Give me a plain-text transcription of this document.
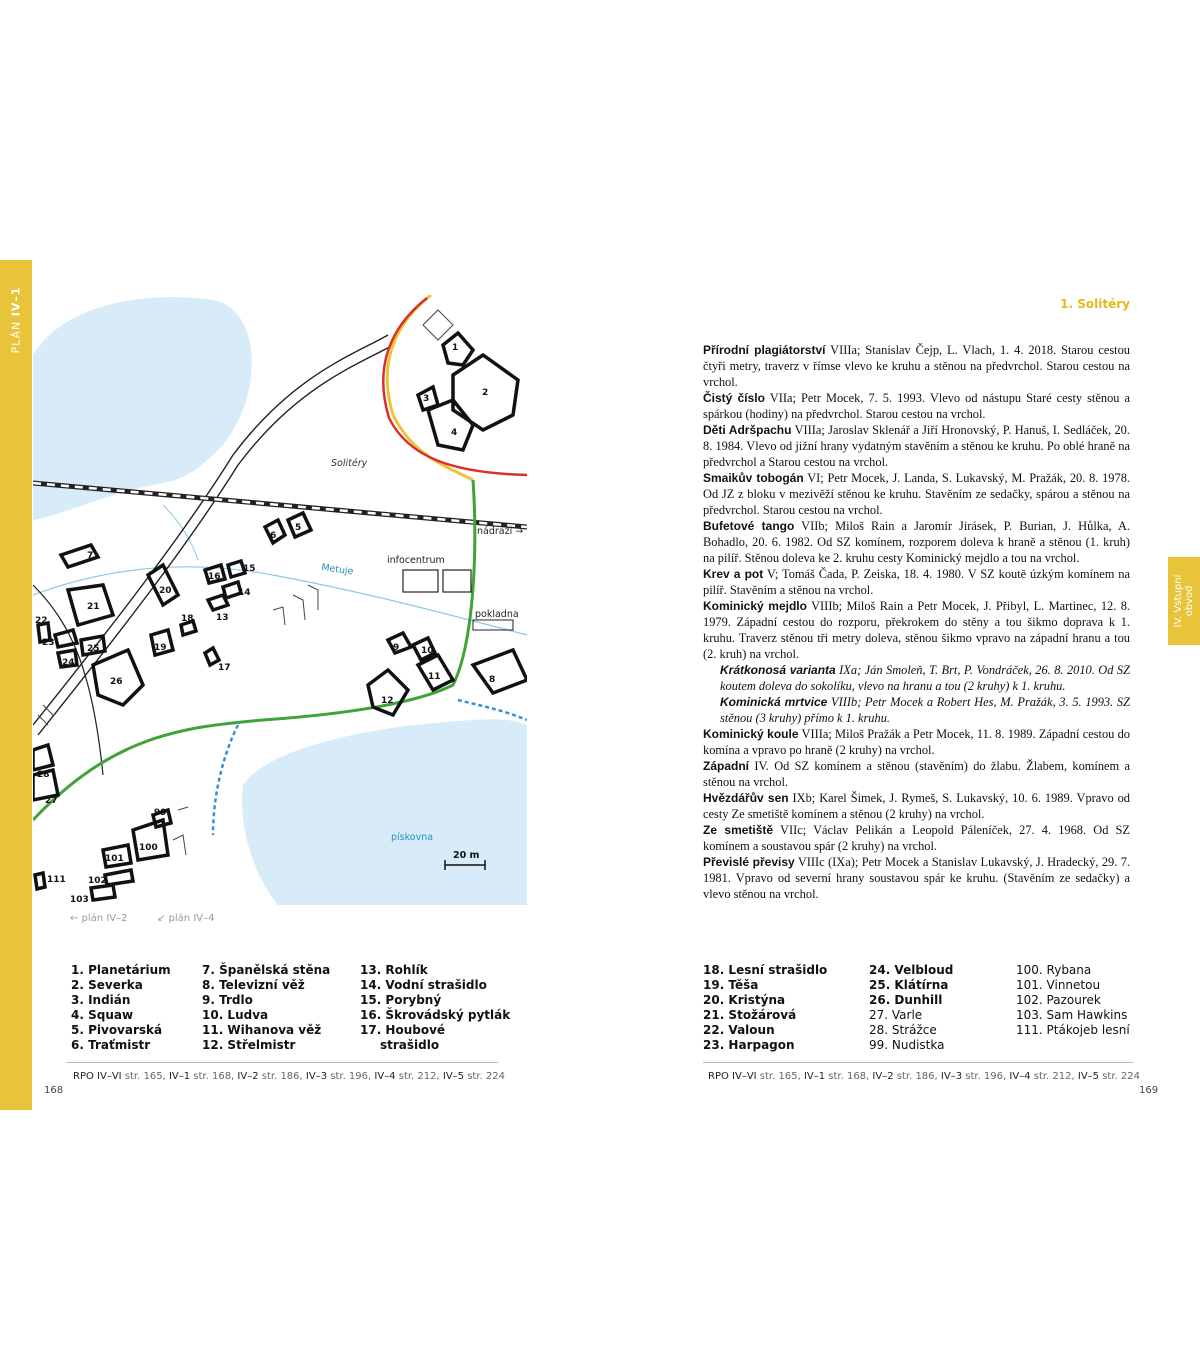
PLÁN IV–1
1
2
3
4
5
6
7
8
9 10
11
12
13
14
15
16
17
18
19
20
21
22
23
24
25
26
27
28
99
100
101
102
103
111
Solitéry
Metuje
infocentrum
pokladna
nádraží →
pískovna
20 m
← plán IV–2	↙ plán IV–4
1. Planetárium
2. Severka
3. Indián
4. Squaw
5. Pivovarská
6. Traťmistr
7. Španělská stěna
8. Televizní věž
9. Trdlo
10. Ludva
11. Wihanova věž
12. Střelmistr
13. Rohlík
14. Vodní strašidlo
15. Porybný
16. Škrovádský pytlák
17. Houbové
strašidlo
RPO IV–VI str. 165, IV–1 str. 168, IV–2 str. 186, IV–3 str. 196, IV–4 str. 212, IV–5 str. 224
168
1. Solitéry

Přírodní plagiátorství VIIIa; Stanislav Čejp, L. Vlach, 1. 4. 2018. Starou cestou čtyři metry, traverz v římse vlevo ke kruhu a stěnou na předvrchol. Starou cestou na vrchol.

Čistý číslo VIIa; Petr Mocek, 7. 5. 1993. Vlevo od nástupu Staré cesty stěnou a spárkou (hodiny) na předvrchol. Starou cestou na vrchol.

Děti Adršpachu VIIIa; Jaroslav Sklenář a Jiří Hronovský, P. Hanuš, I. Sedláček, 20. 8. 1984. Vlevo od jižní hrany vydatným stavěním a stěnou ke kruhu. Po oblé hraně na předvrchol a Starou cestou na vrchol.

Smaikův tobogán VI; Petr Mocek, J. Landa, S. Lukavský, M. Pražák, 20. 8. 1978. Od JZ z bloku v mezivěží stěnou ke kruhu. Stavěním ze sedačky, spárou a stěnou na předvrchol. Starou cestou na vrchol.

Bufetové tango VIIb; Miloš Rain a Jaromír Jirásek, P. Burian, J. Hůlka, A. Bohadlo, 20. 6. 1982. Od SZ komínem, rozporem doleva k hraně a stěnou (1. kruh) na pilíř. Stěnou doleva ke 2. kruhu cesty Kominický mejdlo a tou na vrchol.

Krev a pot V; Tomáš Čada, P. Zeiska, 18. 4. 1980. V SZ koutě úzkým komínem na pilíř. Stavěním a stěnou na vrchol.

Kominický mejdlo VIIIb; Miloš Rain a Petr Mocek, J. Přibyl, L. Martinec, 12. 8. 1979. Západní cestou do rozporu, překrokem do stěny a tou šikmo doprava k 1. kruhu. Traverz stěnou tři metry doleva, stěnou šikmo vpravo na západní hranu a tou (2. kruh) na vrchol.

Krátkonosá varianta IXa; Ján Smoleň, T. Brt, P. Vondráček, 26. 8. 2010. Od SZ koutem doleva do sokolíku, vlevo na hranu a tou (2 kruhy) k 1. kruhu.

Kominická mrtvice VIIIb; Petr Mocek a Robert Hes, M. Pražák, 3. 5. 1993. SZ stěnou (3 kruhy) přímo k 1. kruhu.

Kominický koule VIIIa; Miloš Pražák a Petr Mocek, 11. 8. 1989. Západní cestou do komína a vpravo po hraně (2 kruhy) na vrchol.

Západní IV. Od SZ komínem a stěnou (stavěním) do žlabu. Žlabem, komínem a stěnou na vrchol.

Hvězdářův sen IXb; Karel Šimek, J. Rymeš, S. Lukavský, 10. 6. 1989. Vpravo od cesty Ze smetiště komínem a stěnou (2 kruhy) na vrchol.

Ze smetiště VIIc; Václav Pelikán a Leopold Páleníček, 27. 4. 1968. Od SZ komínem a soustavou spár (2 kruhy) na vrchol.

Převislé převisy VIIIc (IXa); Petr Mocek a Stanislav Lukavský, J. Hradecký, 29. 7. 1981. Vpravo od severní hrany soustavou spár ke kruhu. (Stavěním ze sedačky) a vlevo stěnou na vrchol.

IV. Vstupní obvod
18. Lesní strašidlo
19. Těša
20. Kristýna
21. Stožárová
22. Valoun
23. Harpagon
24. Velbloud
25. Klátírna
26. Dunhill
27. Varle
28. Strážce
99. Nudistka
100. Rybana
101. Vinnetou
102. Pazourek
103. Sam Hawkins
111. Ptákojeb lesní
RPO IV–VI str. 165, IV–1 str. 168, IV–2 str. 186, IV–3 str. 196, IV–4 str. 212, IV–5 str. 224
169
